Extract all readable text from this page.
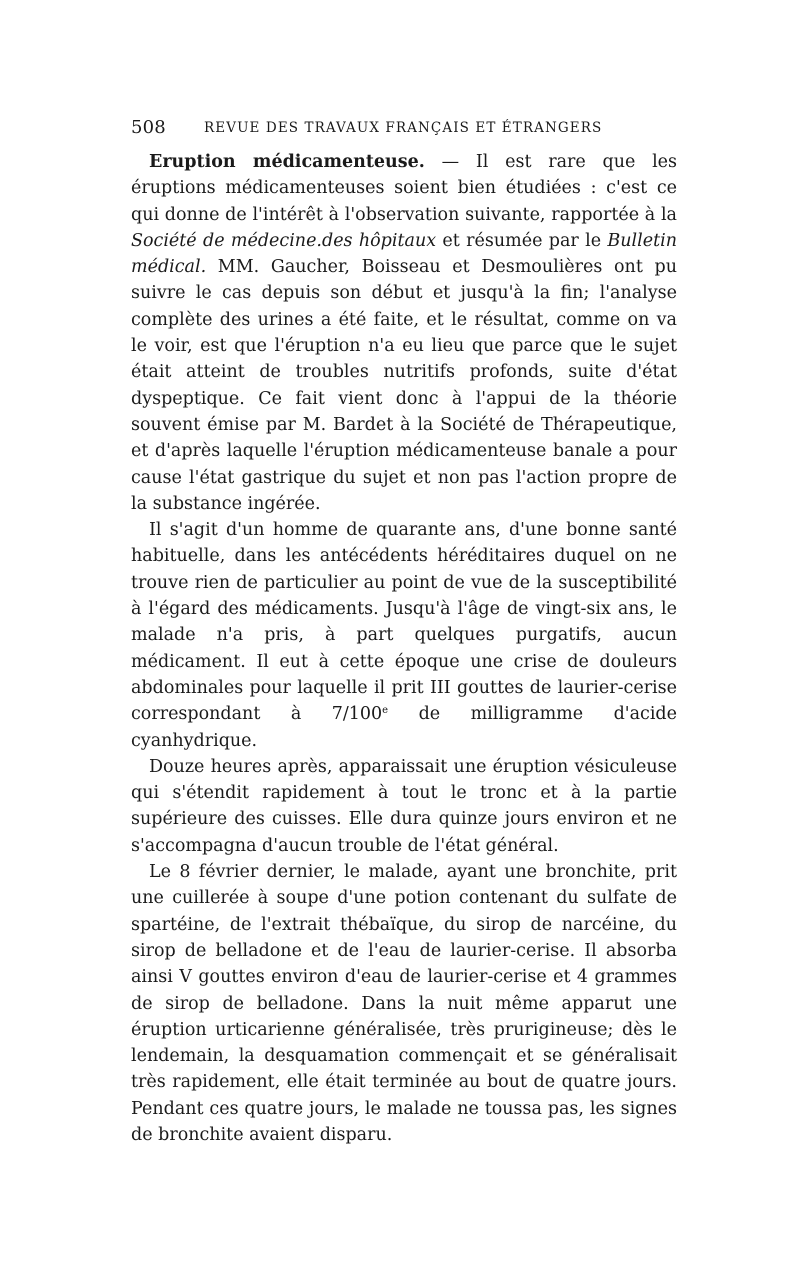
508	REVUE DES TRAVAUX FRANÇAIS ET ÉTRANGERS

Eruption médicamenteuse. — Il est rare que les éruptions médicamenteuses soient bien étudiées : c'est ce qui donne de l'intérêt à l'observation suivante, rapportée à la Société de médecine.des hôpitaux et résumée par le Bulletin médical. MM. Gaucher, Boisseau et Desmoulières ont pu suivre le cas depuis son début et jusqu'à la fin; l'analyse complète des urines a été faite, et le résultat, comme on va le voir, est que l'éruption n'a eu lieu que parce que le sujet était atteint de troubles nutritifs profonds, suite d'état dyspeptique. Ce fait vient donc à l'appui de la théorie souvent émise par M. Bardet à la Société de Thérapeutique, et d'après laquelle l'éruption médicamenteuse banale a pour cause l'état gastrique du sujet et non pas l'action propre de la substance ingérée.

Il s'agit d'un homme de quarante ans, d'une bonne santé habituelle, dans les antécédents héréditaires duquel on ne trouve rien de particulier au point de vue de la susceptibilité à l'égard des médicaments. Jusqu'à l'âge de vingt-six ans, le malade n'a pris, à part quelques purgatifs, aucun médicament. Il eut à cette époque une crise de douleurs abdominales pour laquelle il prit III gouttes de laurier-cerise correspondant à 7/100e de milligramme d'acide cyanhydrique.

Douze heures après, apparaissait une éruption vésiculeuse qui s'étendit rapidement à tout le tronc et à la partie supérieure des cuisses. Elle dura quinze jours environ et ne s'accompagna d'aucun trouble de l'état général.

Le 8 février dernier, le malade, ayant une bronchite, prit une cuillerée à soupe d'une potion contenant du sulfate de spartéine, de l'extrait thébaïque, du sirop de narcéine, du sirop de belladone et de l'eau de laurier-cerise. Il absorba ainsi V gouttes environ d'eau de laurier-cerise et 4 grammes de sirop de belladone. Dans la nuit même apparut une éruption urticarienne généralisée, très prurigineuse; dès le lendemain, la desquamation commençait et se généralisait très rapidement, elle était terminée au bout de quatre jours. Pendant ces quatre jours, le malade ne toussa pas, les signes de bronchite avaient disparu.
